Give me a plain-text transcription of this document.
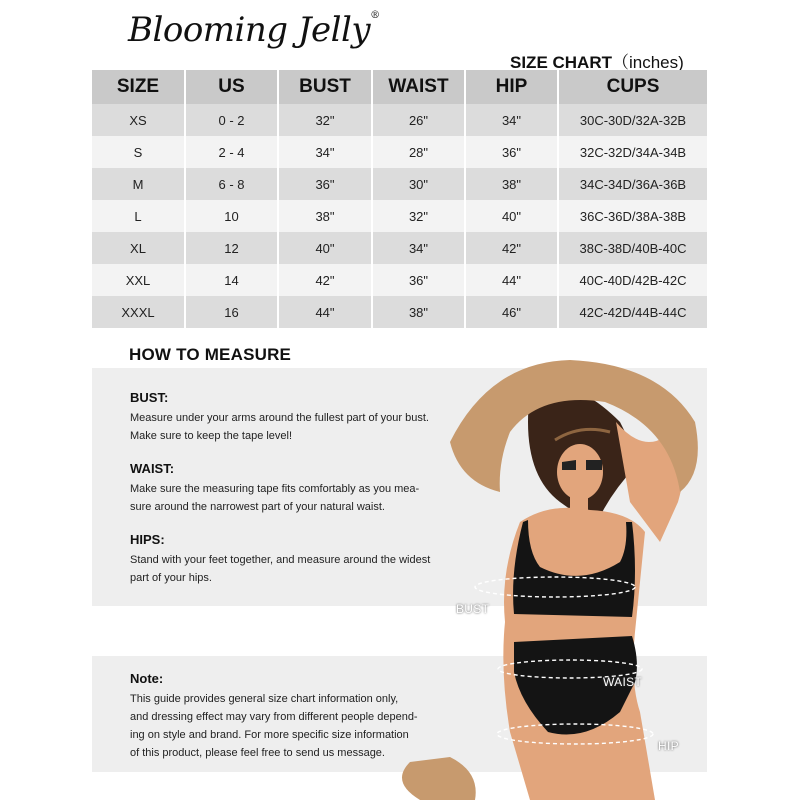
Blooming Jelly®
SIZE CHART（inches)
SIZE	US	BUST	WAIST	HIP	CUPS
XS	0 - 2	32"	26"	34"	30C-30D/32A-32B
S	2 - 4	34"	28"	36"	32C-32D/34A-34B
M	6 - 8	36"	30"	38"	34C-34D/36A-36B
L	10	38"	32"	40"	36C-36D/38A-38B
XL	12	40"	34"	42"	38C-38D/40B-40C
XXL	14	42"	36"	44"	40C-40D/42B-42C
XXXL	16	44"	38"	46"	42C-42D/44B-44C
HOW TO MEASURE
BUST:

Measure under your arms around the fullest part of your bust.
Make sure to keep the tape level!

WAIST:

Make sure the measuring tape fits comfortably as you mea-
sure around the narrowest part of your natural waist.

HIPS:

Stand with your feet together, and measure around the widest
part of your hips.

Note:

This guide provides general size chart information only,
and dressing effect may vary from different people depend-
ing on style and brand. For more specific size information
of this product, please feel free to send us message.

BUST
WAIST
HIP
